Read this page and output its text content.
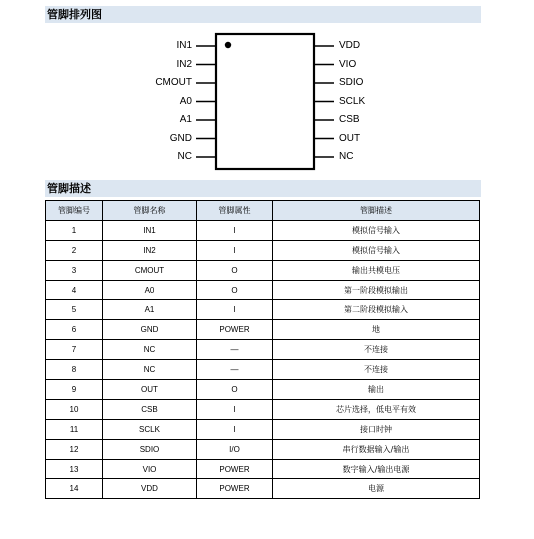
管脚排列图
IN1
IN2
CMOUT
A0
A1
GND
NC
VDD
VIO
SDIO
SCLK
CSB
OUT
NC
管脚描述
管脚编号	管脚名称	管脚属性	管脚描述
1	IN1	I	模拟信号输入
2	IN2	I	模拟信号输入
3	CMOUT	O	输出共模电压
4	A0	O	第一阶段模拟输出
5	A1	I	第二阶段模拟输入
6	GND	POWER	地
7	NC	—	不连接
8	NC	—	不连接
9	OUT	O	输出
10	CSB	I	芯片选择，低电平有效
11	SCLK	I	接口时钟
12	SDIO	I/O	串行数据输入/输出
13	VIO	POWER	数字输入/输出电源
14	VDD	POWER	电源
